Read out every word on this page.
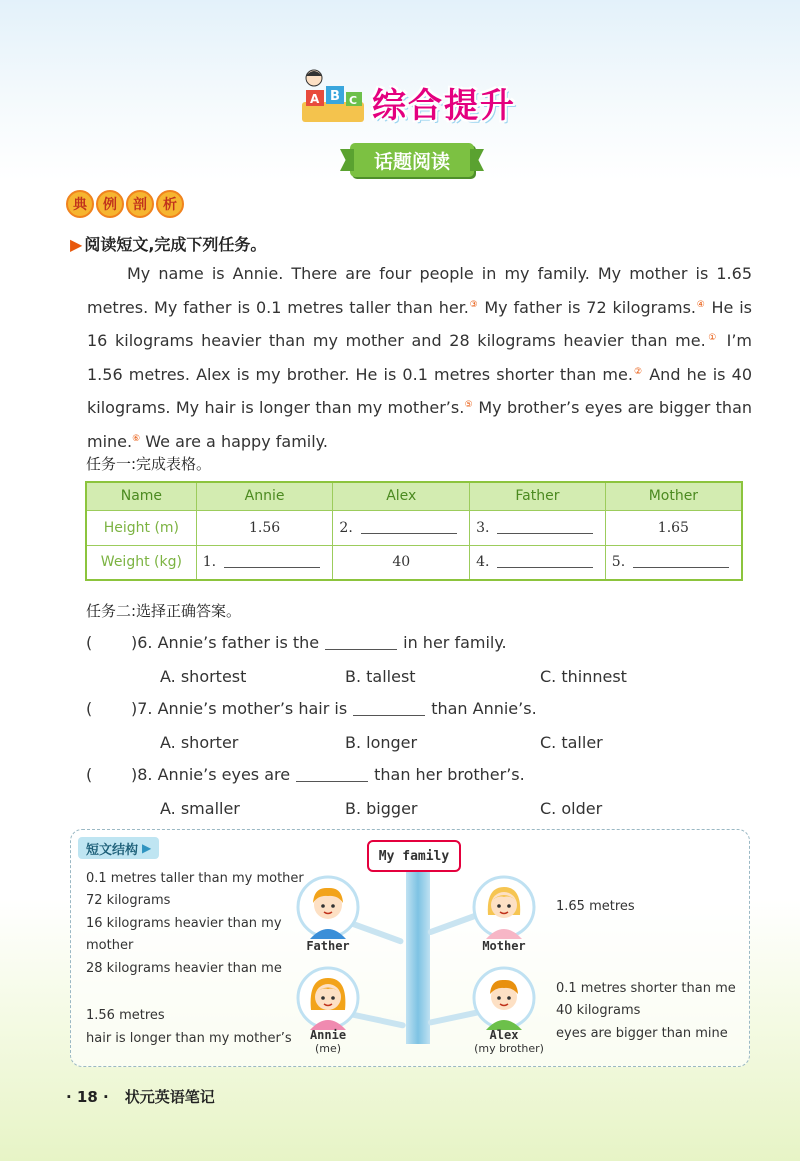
A B C 综合提升
话题阅读
典	例	剖	析
▶ 阅读短文,完成下列任务。
My name is Annie. There are four people in my family. My mother is 1.65 metres. My father is 0.1 metres taller than her.③ My father is 72 kilograms.④ He is 16 kilograms heavier than my mother and 28 kilograms heavier than me.① I’m 1.56 metres. Alex is my brother. He is 0.1 metres shorter than me.② And he is 40 kilograms. My hair is longer than my mother’s.⑤ My brother’s eyes are bigger than mine.⑥ We are a happy family.
任务一:完成表格。
Name	Annie	Alex	Father	Mother
Height (m)	1.56	2.	3.	1.65
Weight (kg)	1.	40	4.	5.
任务二:选择正确答案。
( )6. Annie’s father is the	in her family.
A. shortest	B. tallest	C. thinnest
( )7. Annie’s mother’s hair is	than Annie’s.
A. shorter	B. longer	C. taller
( )8. Annie’s eyes are	than her brother’s.
A. smaller	B. bigger	C. older
短文结构 ▶
My family
0.1 metres taller than my mother
72 kilograms
16 kilograms heavier than my
mother
28 kilograms heavier than me
1.56 metres
hair is longer than my mother’s
1.65 metres
0.1 metres shorter than me
40 kilograms
eyes are bigger than mine
Father	Mother
Annie
(me)
Alex
(my brother)
· 18 · 状元英语笔记
